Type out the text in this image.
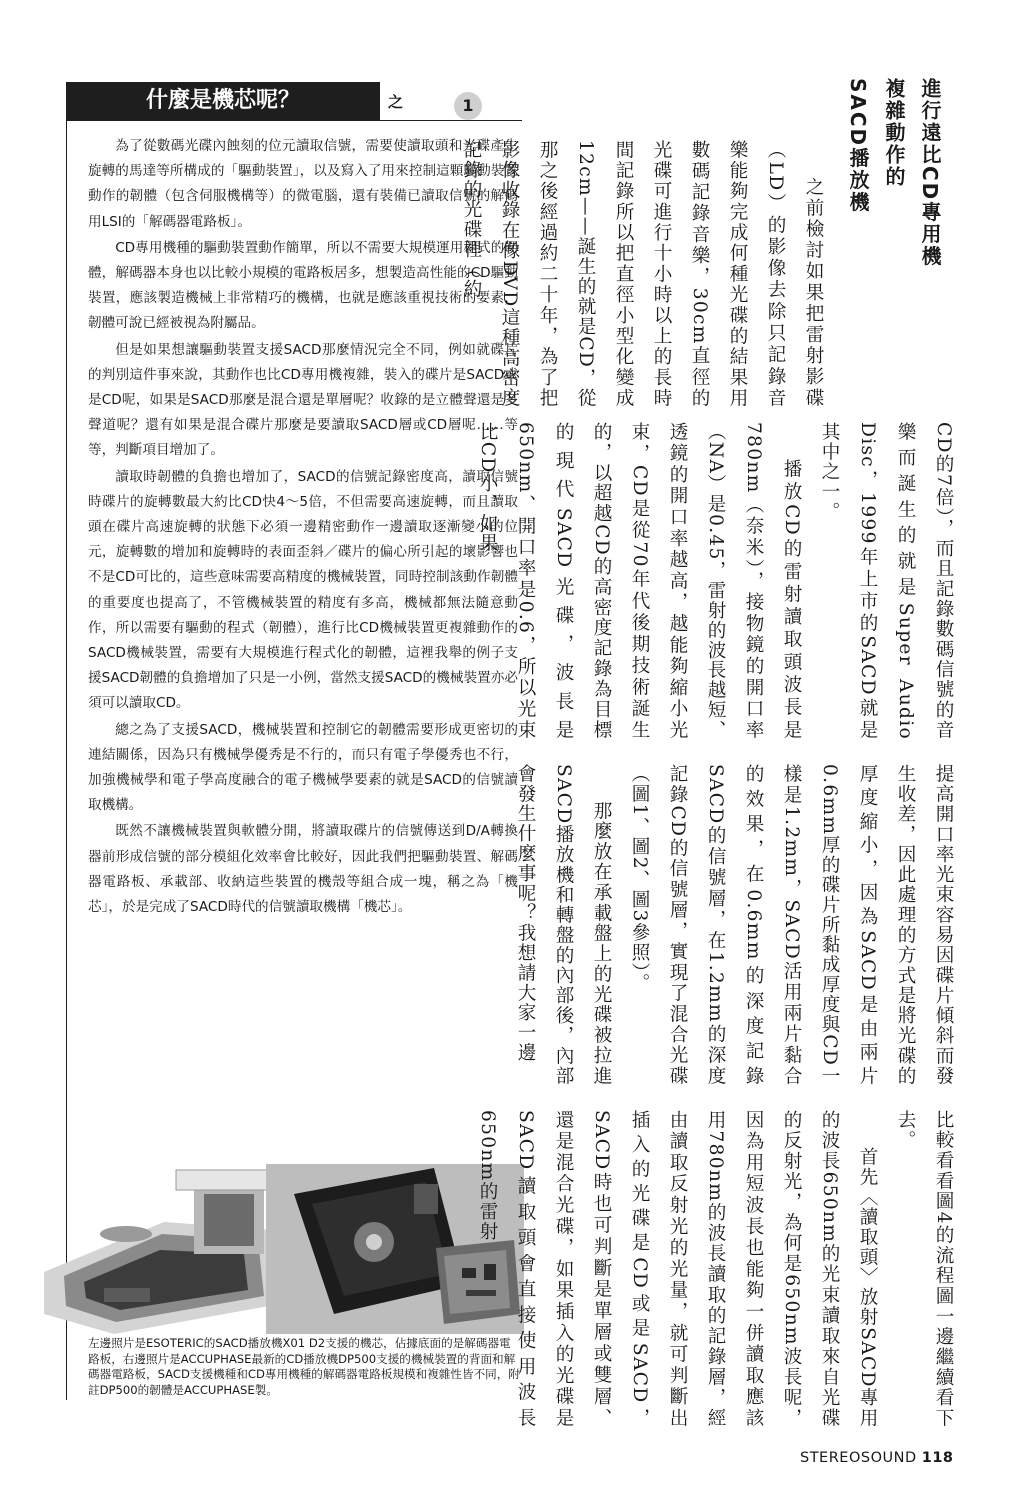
什麼是機芯呢？	之	1

為了從數碼光碟內蝕刻的位元讀取信號，需要使讀取頭和光碟產生旋轉的馬達等所構成的「驅動裝置」，以及寫入了用來控制這顆驅動裝置動作的韌體（包含伺服機構等）的微電腦，還有裝備已讀取信號的解碼用LSI的「解碼器電路板」。

CD專用機種的驅動裝置動作簡單，所以不需要大規模運用程式的韌體，解碼器本身也以比較小規模的電路板居多，想製造高性能的CD驅動裝置，應該製造機械上非常精巧的機構，也就是應該重視技術的要素，韌體可說已經被視為附屬品。

但是如果想讓驅動裝置支援SACD那麼情況完全不同，例如就碟片的判別這件事來說，其動作也比CD專用機複雜，裝入的碟片是SACD或是CD呢，如果是SACD那麼是混合還是單層呢？收錄的是立體聲還是多聲道呢？還有如果是混合碟片那麼是要讀取SACD層或CD層呢……等等，判斷項目增加了。

讀取時韌體的負擔也增加了，SACD的信號記錄密度高，讀取信號時碟片的旋轉數最大約比CD快4～5倍，不但需要高速旋轉，而且讀取頭在碟片高速旋轉的狀態下必須一邊精密動作一邊讀取逐漸變小的位元，旋轉數的增加和旋轉時的表面歪斜／碟片的偏心所引起的壞影響也不是CD可比的，這些意味需要高精度的機械裝置，同時控制該動作韌體的重要度也提高了，不管機械裝置的精度有多高，機械都無法隨意動作，所以需要有驅動的程式（韌體），進行比CD機械裝置更複雜動作的SACD機械裝置，需要有大規模進行程式化的韌體，這裡我舉的例子支援SACD韌體的負擔增加了只是一小例，當然支援SACD的機械裝置亦必須可以讀取CD。

總之為了支援SACD，機械裝置和控制它的韌體需要形成更密切的連結關係，因為只有機械學優秀是不行的，而只有電子學優秀也不行，加強機械學和電子學高度融合的電子機械學要素的就是SACD的信號讀取機構。

既然不讓機械裝置與軟體分開，將讀取碟片的信號傳送到D/A轉換器前形成信號的部分模組化效率會比較好，因此我們把驅動裝置、解碼器電路板、承載部、收納這些裝置的機殼等組合成一塊，稱之為「機芯」，於是完成了SACD時代的信號讀取機構「機芯」。

左邊照片是ESOTERIC的SACD播放機X01 D2支援的機芯，佔據底面的是解碼器電路板，右邊照片是ACCUPHASE最新的CD播放機DP500支援的機械裝置的背面和解碼器電路板，SACD支援機種和CD專用機種的解碼器電路板規模和複雜性皆不同，附註DP500的韌體是ACCUPHASE製。
進行遠比CD專用機
複雜動作的
SACD播放機

之前檢討如果把雷射影碟（LD）的影像去除只記錄音樂能夠完成何種光碟的結果用數碼記錄音樂，30cm直徑的光碟可進行十小時以上的長時間記錄所以把直徑小型化變成12cm——誕生的就是CD，從那之後經過約二十年，為了把影像收錄在像DVD這種高密度記錄的光碟裡（約

CD的7倍），而且記錄數碼信號的音樂而誕生的就是Super Audio Disc，1999年上市的SACD就是其中之一。

播放CD的雷射讀取頭波長是780nm（奈米），接物鏡的開口率（NA）是0.45，雷射的波長越短、透鏡的開口率越高，越能夠縮小光束，CD是從70年代後期技術誕生的，以超越CD的高密度記錄為目標的現代SACD光碟，波長是650nm、開口率是0.6，所以光束比CD小，如果

提高開口率光束容易因碟片傾斜而發生收差，因此處理的方式是將光碟的厚度縮小，因為SACD是由兩片0.6mm厚的碟片所黏成厚度與CD一樣是1.2mm，SACD活用兩片黏合的效果，在0.6mm的深度記錄SACD的信號層，在1.2mm的深度記錄CD的信號層，實現了混合光碟（圖1、圖2、圖3參照）。

那麼放在承載盤上的光碟被拉進SACD播放機和轉盤的內部後，內部會發生什麼事呢？我想請大家一邊

比較看看圖4的流程圖一邊繼續看下去。

首先〈讀取頭〉放射SACD專用的波長650nm的光束讀取來自光碟的反射光，為何是650nm波長呢，因為用短波長也能夠一併讀取應該用780nm的波長讀取的記錄層，經由讀取反射光的光量，就可判斷出插入的光碟是CD或是SACD，SACD時也可判斷是單層或雙層、還是混合光碟，如果插入的光碟是SACD讀取頭會直接使用波長650nm的雷射

STEREOSOUND 118
